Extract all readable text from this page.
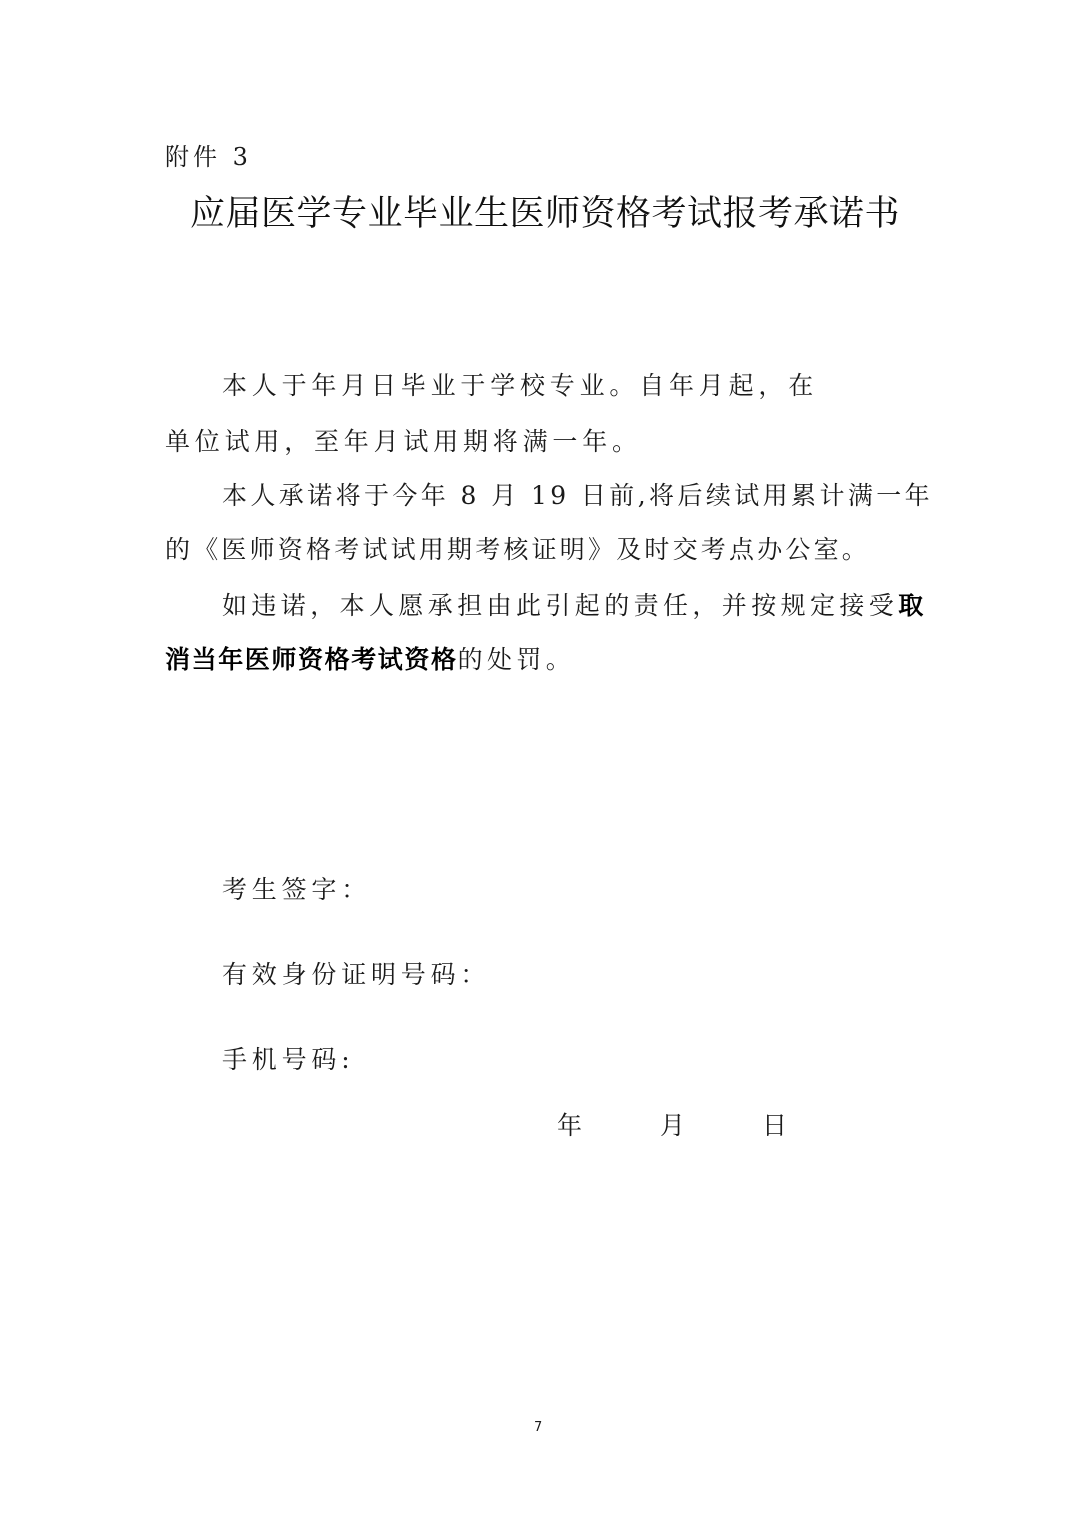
附件 3
应届医学专业毕业生医师资格考试报考承诺书
本人于年月日毕业于学校专业。自年月起，在
单位试用，至年月试用期将满一年。
本人承诺将于今年 8 月 19 日前,将后续试用累计满一年
的《医师资格考试试用期考核证明》及时交考点办公室。
如违诺，本人愿承担由此引起的责任，并按规定接受取
消当年医师资格考试资格的处罚。
考生签字：
有效身份证明号码：
手机号码:
年	月	日
7
